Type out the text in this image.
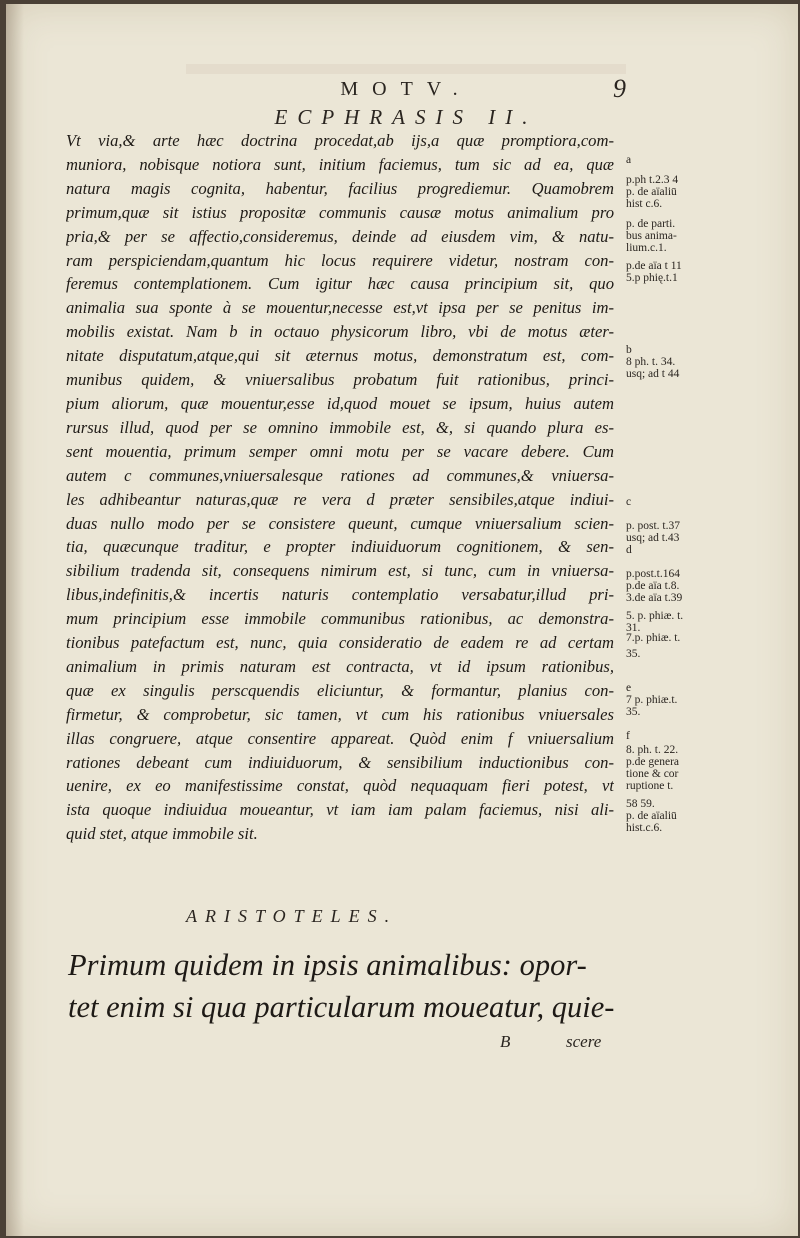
MOTV.	9
ECPHRASIS II.
Vt via,& arte hæc doctrina procedat,ab ijs,a quæ promptiora,com-
muniora, nobisque notiora sunt, initium faciemus, tum sic ad ea, quæ
natura magis cognita, habentur, facilius progrediemur. Quamobrem
primum,quæ sit istius propositæ communis causæ motus animalium pro
pria,& per se affectio,consideremus, deinde ad eiusdem vim, & natu-
ram perspiciendam,quantum hic locus requirere videtur, nostram con-
feremus contemplationem. Cum igitur hæc causa principium sit, quo
animalia sua sponte à se mouentur,necesse est,vt ipsa per se penitus im-
mobilis existat. Nam b in octauo physicorum libro, vbi de motus æter-
nitate disputatum,atque,qui sit æternus motus, demonstratum est, com-
munibus quidem, & vniuersalibus probatum fuit rationibus, princi-
pium aliorum, quæ mouentur,esse id,quod mouet se ipsum, huius autem
rursus illud, quod per se omnino immobile est, &, si quando plura es-
sent mouentia, primum semper omni motu per se vacare debere. Cum
autem c communes,vniuersalesque rationes ad communes,& vniuersa-
les adhibeantur naturas,quæ re vera d præter sensibiles,atque indiui-
duas nullo modo per se consistere queunt, cumque vniuersalium scien-
tia, quæcunque traditur, e propter indiuiduorum cognitionem, & sen-
sibilium tradenda sit, consequens nimirum est, si tunc, cum in vniuersa-
libus,indefinitis,& incertis naturis contemplatio versabatur,illud pri-
mum principium esse immobile communibus rationibus, ac demonstra-
tionibus patefactum est, nunc, quia consideratio de eadem re ad certam
animalium in primis naturam est contracta, vt id ipsum rationibus,
quæ ex singulis perscquendis eliciuntur, & formantur, planius con-
firmetur, & comprobetur, sic tamen, vt cum his rationibus vniuersales
illas congruere, atque consentire appareat. Quòd enim f vniuersalium
rationes debeant cum indiuiduorum, & sensibilium inductionibus con-
uenire, ex eo manifestissime constat, quòd nequaquam fieri potest, vt
ista quoque indiuidua moueantur, vt iam iam palam faciemus, nisi ali-
quid stet, atque immobile sit.
a
p.ph t.2.3 4
p. de aïaliū
hist c.6.
p. de parti.
bus anima-
lium.c.1.
p.de aïa t 11
5.p phię.t.1
b
8 ph. t. 34.
usq; ad t 44
c
p. post. t.37
usq; ad t.43
d
p.post.t.164
p.de aïa t.8.
3.de aïa t.39
5. p. phiæ. t.
31.
7.p. phiæ. t.
35.
e
7 p. phiæ.t.
35.
f
8. ph. t. 22.
p.de genera
tione & cor
ruptione t.
58 59.
p. de aïaliū
hist.c.6.
ARISTOTELES.
Primum quidem in ipsis animalibus: opor-
tet enim si qua particularum moueatur, quie-
B	scere
